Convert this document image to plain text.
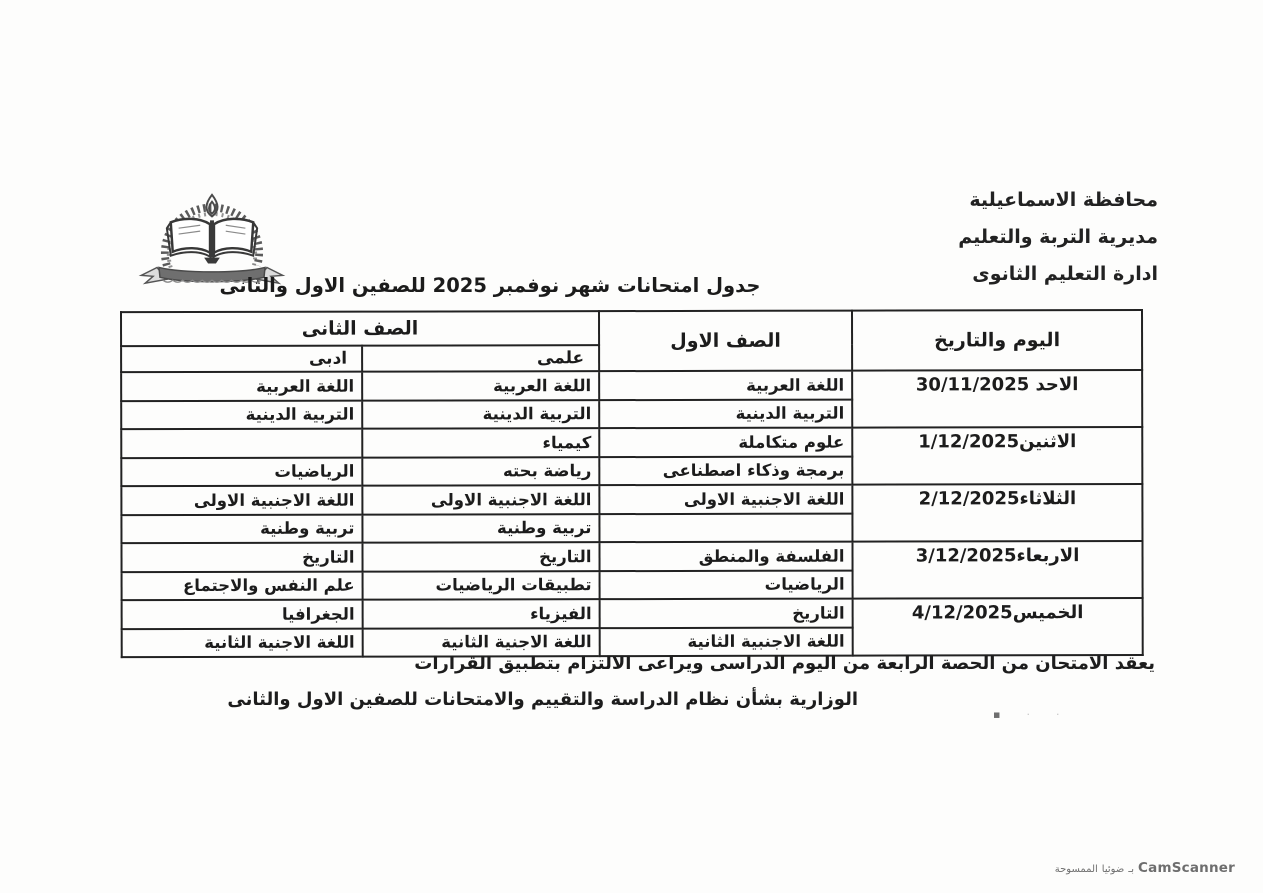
محافظة الاسماعيلية
مديرية التربة والتعليم
ادارة التعليم الثانوى
جدول امتحانات شهر نوفمبر 2025 للصفين الاول والثانى
اليوم والتاريخ	الصف الاول	الصف الثانى	
		علمى	ادبى
الاحد 30/11/2025	اللغة العربية	اللغة العربية	اللغة العربية
	التربية الدينية	التربية الدينية	التربية الدينية
الاثنين1/12/2025	علوم متكاملة	كيمياء	
	برمجة وذكاء اصطناعى	رياضة بحته	الرياضيات
الثلاثاء2/12/2025	اللغة الاجنبية الاولى	اللغة الاجنبية الاولى	اللغة الاجنبية الاولى
		تربية وطنية	تربية وطنية
الاربعاء3/12/2025	الفلسفة والمنطق	التاريخ	التاريخ
	الرياضيات	تطبيقات الرياضيات	علم النفس والاجتماع
الخميس4/12/2025	التاريخ	الفيزياء	الجغرافيا
	اللغة الاجنبية الثانية	اللغة الاجنية الثانية	اللغة الاجنية الثانية
يعقد الامتحان من الحصة الرابعة من اليوم الدراسى ويراعى الالتزام بتطبيق القرارات
الوزارية بشأن نظام الدراسة والتقييم والامتحانات للصفين الاول والثانى
▪ · ·
الممسوحة ضوئيا بـ CamScanner
